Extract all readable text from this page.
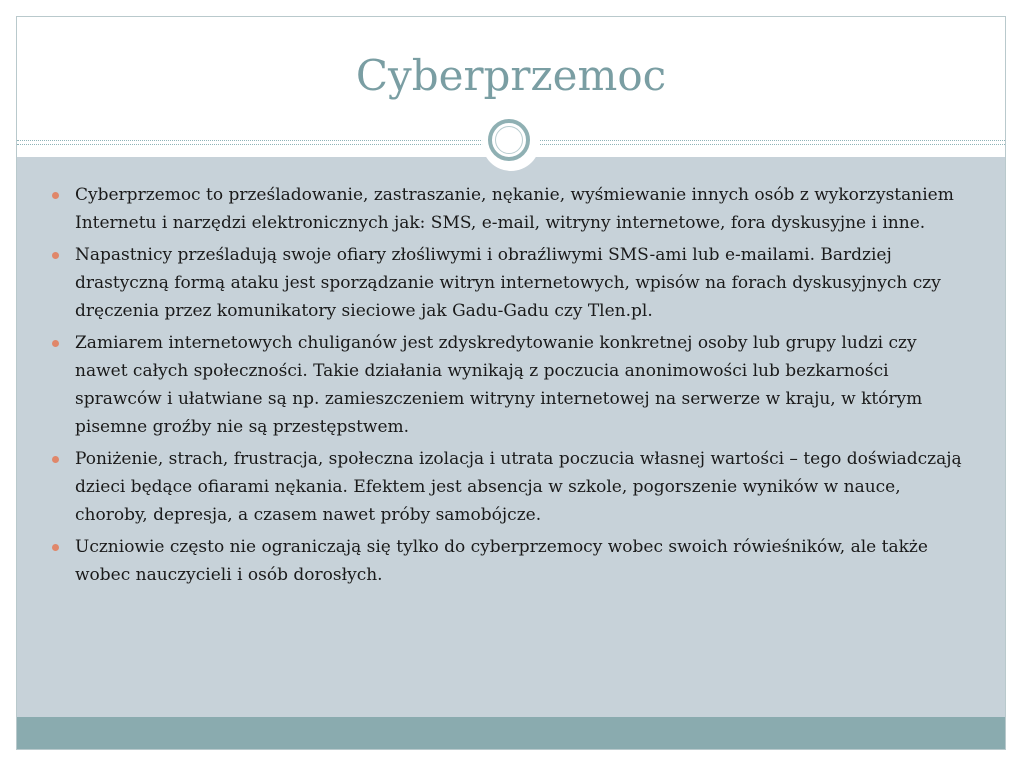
Cyberprzemoc
Cyberprzemoc to prześladowanie, zastraszanie, nękanie, wyśmiewanie innych osób z wykorzystaniem Internetu i narzędzi elektronicznych jak: SMS, e-mail, witryny internetowe, fora dyskusyjne i inne.
Napastnicy prześladują swoje ofiary złośliwymi i obraźliwymi SMS-ami lub e-mailami. Bardziej drastyczną formą ataku jest sporządzanie witryn internetowych, wpisów na forach dyskusyjnych czy dręczenia przez komunikatory sieciowe jak Gadu-Gadu czy Tlen.pl.
Zamiarem internetowych chuliganów jest zdyskredytowanie konkretnej osoby lub grupy ludzi czy nawet całych społeczności. Takie działania wynikają z poczucia anonimowości lub bezkarności sprawców i ułatwiane są np. zamieszczeniem witryny internetowej na serwerze w kraju, w którym pisemne groźby nie są przestępstwem.
Poniżenie, strach, frustracja, społeczna izolacja i utrata poczucia własnej wartości – tego doświadczają dzieci będące ofiarami nękania. Efektem jest absencja w szkole, pogorszenie wyników w nauce, choroby, depresja, a czasem nawet próby samobójcze.
Uczniowie często nie ograniczają się tylko do cyberprzemocy wobec swoich rówieśników, ale także wobec nauczycieli i osób dorosłych.
